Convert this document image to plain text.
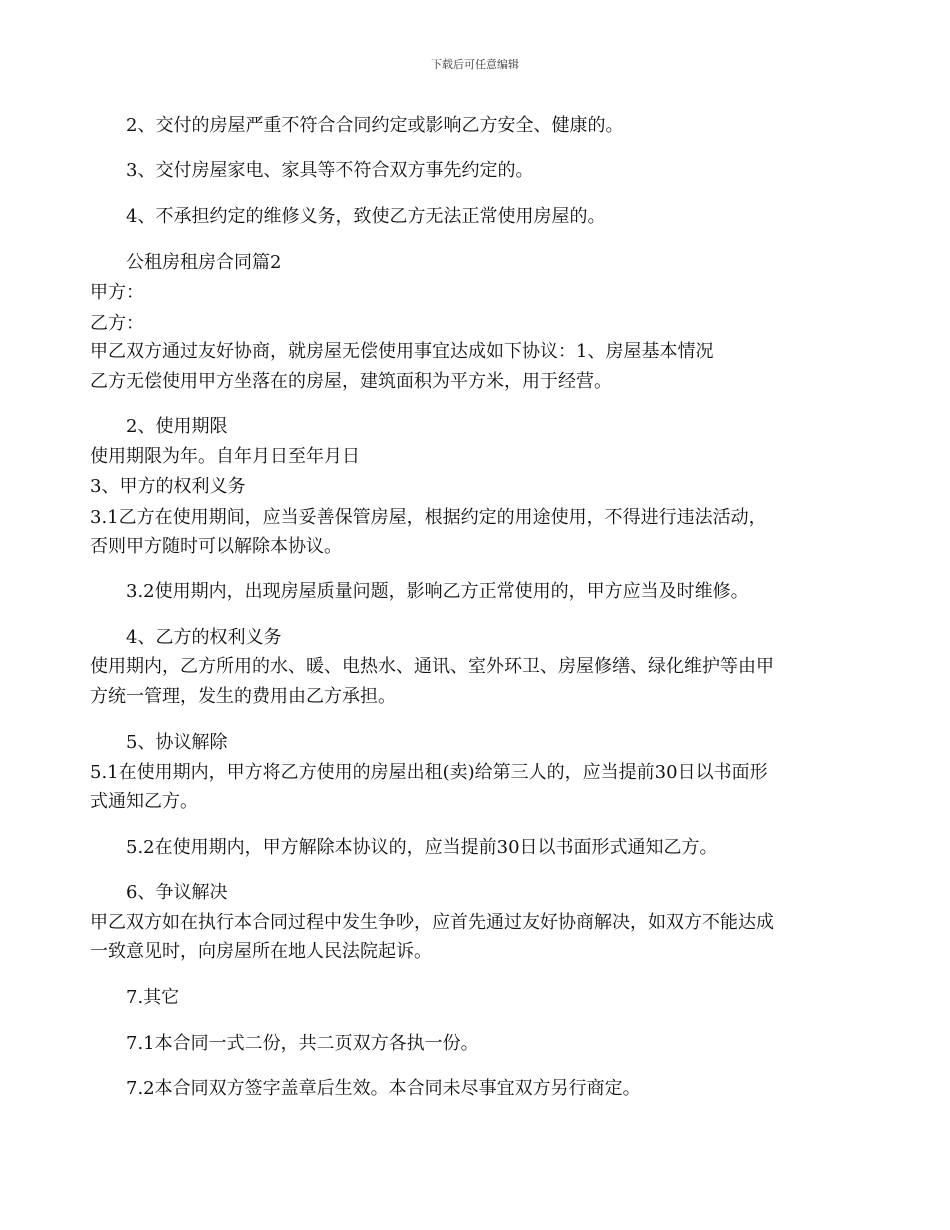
下载后可任意编辑
2、交付的房屋严重不符合合同约定或影响乙方安全、健康的。
3、交付房屋家电、家具等不符合双方事先约定的。
4、不承担约定的维修义务，致使乙方无法正常使用房屋的。
公租房租房合同篇2
甲方：
乙方：
甲乙双方通过友好协商，就房屋无偿使用事宜达成如下协议：1、房屋基本情况
乙方无偿使用甲方坐落在的房屋，建筑面积为平方米，用于经营。
2、使用期限
使用期限为年。自年月日至年月日
3、甲方的权利义务
3.1乙方在使用期间，应当妥善保管房屋，根据约定的用途使用，不得进行违法活动，
否则甲方随时可以解除本协议。
3.2使用期内，出现房屋质量问题，影响乙方正常使用的，甲方应当及时维修。
4、乙方的权利义务
使用期内，乙方所用的水、暖、电热水、通讯、室外环卫、房屋修缮、绿化维护等由甲
方统一管理，发生的费用由乙方承担。
5、协议解除
5.1在使用期内，甲方将乙方使用的房屋出租(卖)给第三人的，应当提前30日以书面形
式通知乙方。
5.2在使用期内，甲方解除本协议的，应当提前30日以书面形式通知乙方。
6、争议解决
甲乙双方如在执行本合同过程中发生争吵，应首先通过友好协商解决，如双方不能达成
一致意见时，向房屋所在地人民法院起诉。
7.其它
7.1本合同一式二份，共二页双方各执一份。
7.2本合同双方签字盖章后生效。本合同未尽事宜双方另行商定。
